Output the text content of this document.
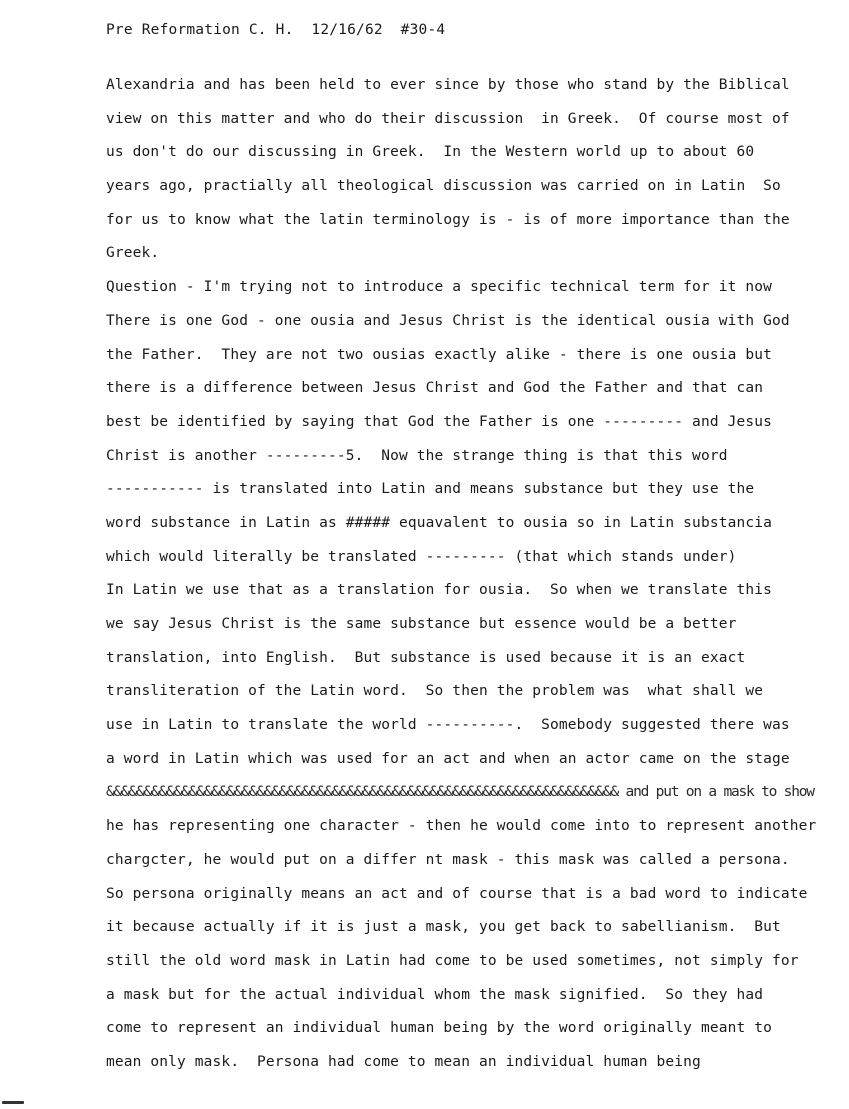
Pre Reformation C. H.  12/16/62  #30-4
Alexandria and has been held to ever since by those who stand by the Biblical
view on this matter and who do their discussion  in Greek.  Of course most of
us don't do our discussing in Greek.  In the Western world up to about 60
years ago, practially all theological discussion was carried on in Latin  So
for us to know what the latin terminology is - is of more importance than the
Greek.
Question - I'm trying not to introduce a specific technical term for it now
There is one God - one ousia and Jesus Christ is the identical ousia with God
the Father.  They are not two ousias exactly alike - there is one ousia but
there is a difference between Jesus Christ and God the Father and that can
best be identified by saying that God the Father is one --------- and Jesus
Christ is another ---------5.  Now the strange thing is that this word
----------- is translated into Latin and means substance but they use the
word substance in Latin as ##### equavalent to ousia so in Latin substancia
which would literally be translated --------- (that which stands under)
In Latin we use that as a translation for ousia.  So when we translate this
we say Jesus Christ is the same substance but essence would be a better
translation, into English.  But substance is used because it is an exact
transliteration of the Latin word.  So then the problem was  what shall we
use in Latin to translate the world ----------.  Somebody suggested there was
a word in Latin which was used for an act and when an actor came on the stage
&&&&&&&&&&&&&&&&&&&&&&&&&&&&&&&&&&&&&&&&&&&&&&&&&&&&&&&&&&&&&&&&&&&& and put on a mask to show
he has representing one character - then he would come into to represent another
chargcter, he would put on a differ nt mask - this mask was called a persona.
So persona originally means an act and of course that is a bad word to indicate
it because actually if it is just a mask, you get back to sabellianism.  But
still the old word mask in Latin had come to be used sometimes, not simply for
a mask but for the actual individual whom the mask signified.  So they had
come to represent an individual human being by the word originally meant to
mean only mask.  Persona had come to mean an individual human being
